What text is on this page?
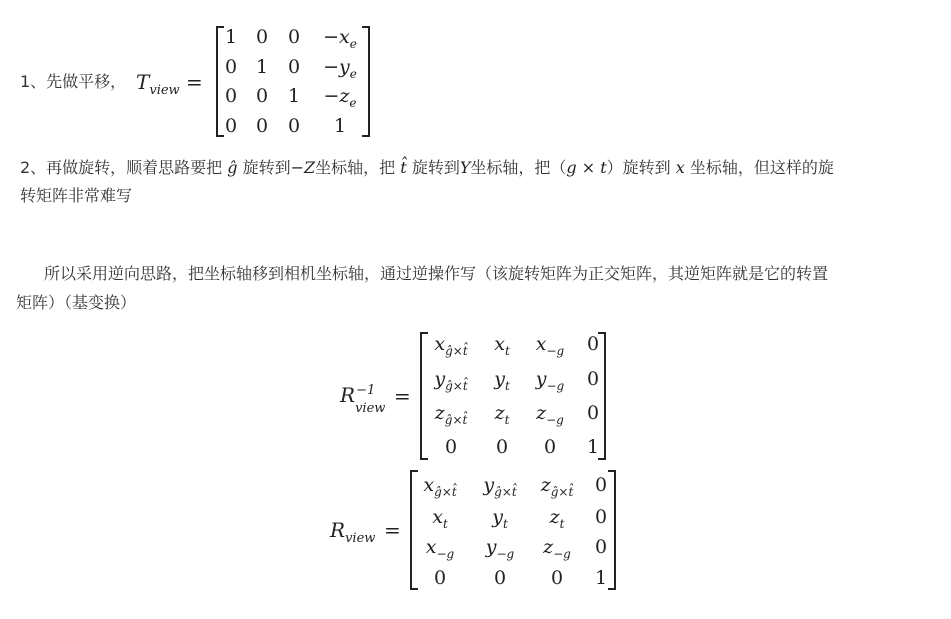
1、先做平移， $T_{view}$ =
1 0	0	$-x_e$
0 1	0	$-y_e$
0 0	1	$-z_e$
0 0	0	1
2、再做旋转，顺着思路要把 ĝ 旋转到−Z坐标轴，把 t̂ 旋转到Y坐标轴，把（g × t）旋转到 x 坐标轴，但这样的旋
转矩阵非常难写
所以采用逆向思路，把坐标轴移到相机坐标轴，通过逆操作写（该旋转矩阵为正交矩阵，其逆矩阵就是它的转置
矩阵）（基变换）
R −1
view
=
$x_{ĝ\times t̂}$	$x_t$	$x_{-g}$	0
$y_{ĝ\times t̂}$	$y_t$	$y_{-g}$	0
$z_{ĝ\times t̂}$	$z_t$	$z_{-g}$	0
0	0	0	1
$R_{view}$ =
$x_{ĝ\times t̂}$	$y_{ĝ\times t̂}$	$z_{ĝ\times t̂}$	0
$x_t$	$y_t$	$z_t$	0
$x_{-g}$	$y_{-g}$	$z_{-g}$	0
0	0	0	1
